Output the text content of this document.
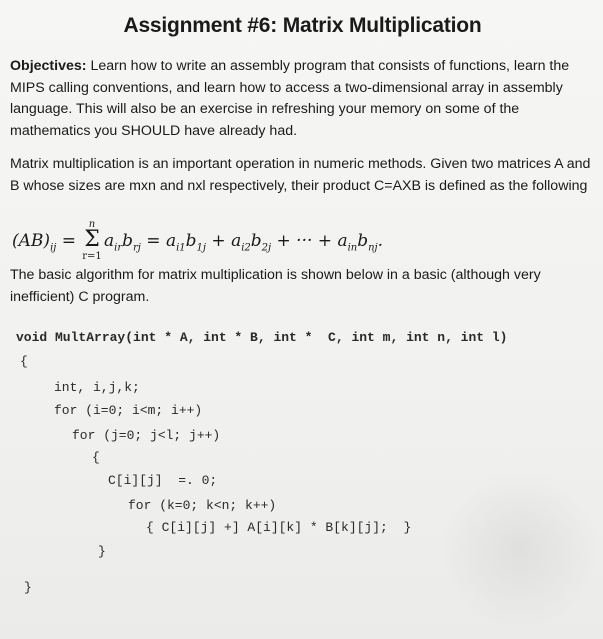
Assignment #6: Matrix Multiplication
Objectives: Learn how to write an assembly program that consists of functions, learn the MIPS calling conventions, and learn how to access a two-dimensional array in assembly language. This will also be an exercise in refreshing your memory on some of the mathematics you SHOULD have already had.
Matrix multiplication is an important operation in numeric methods. Given two matrices A and B whose sizes are mxn and nxl respectively, their product C=AXB is defined as the following
$(AB)_{ij}$ =
n
Σ
r=1
$a_{ir}b_{rj} = a_{i1}b_{1j} + a_{i2}b_{2j}$ + ··· + $a_{in}b_{nj}$.
The basic algorithm for matrix multiplication is shown below in a basic (although very inefficient) C program.
void MultArray(int * A, int * B, int *  C, int m, int n, int l)
{
int, i,j,k;
for (i=0; i<m; i++)
for (j=0; j<l; j++)
{
C[i][j]  =. 0;
for (k=0; k<n; k++)
{ C[i][j] +] A[i][k] * B[k][j];  }
}
}
